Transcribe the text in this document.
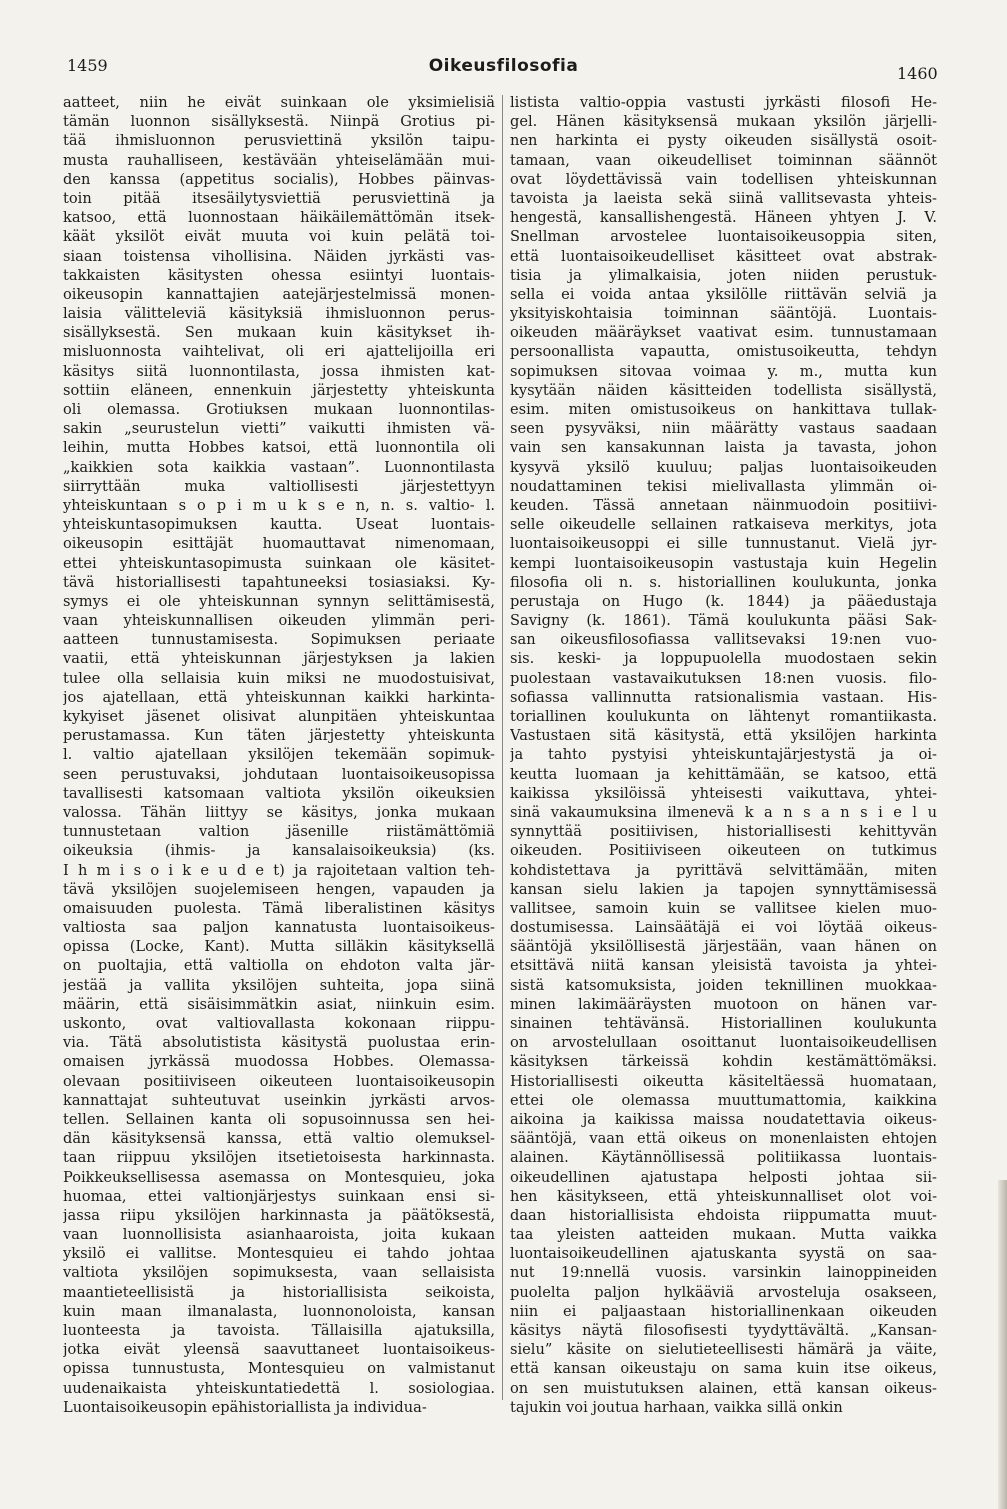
1459	Oikeusfilosofia	1460
aatteet, niin he eivät suinkaan ole yksimielisiä
tämän luonnon sisällyksestä. Niinpä Grotius pi-
tää ihmisluonnon perusviettinä yksilön taipu-
musta rauhalliseen, kestävään yhteiselämään mui-
den kanssa (appetitus socialis), Hobbes päinvas-
toin pitää itsesäilytysviettiä perusviettinä ja
katsoo, että luonnostaan häikäilemättömän itsek-
käät yksilöt eivät muuta voi kuin pelätä toi-
siaan toistensa vihollisina. Näiden jyrkästi vas-
takkaisten käsitysten ohessa esiintyi luontais-
oikeusopin kannattajien aatejärjestelmissä monen-
laisia välitteleviä käsityksiä ihmisluonnon perus-
sisällyksestä. Sen mukaan kuin käsitykset ih-
misluonnosta vaihtelivat, oli eri ajattelijoilla eri
käsitys siitä luonnontilasta, jossa ihmisten kat-
sottiin eläneen, ennenkuin järjestetty yhteiskunta
oli olemassa. Grotiuksen mukaan luonnontilas-
sakin „seurustelun vietti” vaikutti ihmisten vä-
leihin, mutta Hobbes katsoi, että luonnontila oli
„kaikkien sota kaikkia vastaan”. Luonnontilasta
siirryttään muka valtiollisesti järjestettyyn
yhteiskuntaan s o p i m u k s e n, n. s. valtio- l.
yhteiskuntasopimuksen kautta. Useat luontais-
oikeusopin esittäjät huomauttavat nimenomaan,
ettei yhteiskuntasopimusta suinkaan ole käsitet-
tävä historiallisesti tapahtuneeksi tosiasiaksi. Ky-
symys ei ole yhteiskunnan synnyn selittämisestä,
vaan yhteiskunnallisen oikeuden ylimmän peri-
aatteen tunnustamisesta. Sopimuksen periaate
vaatii, että yhteiskunnan järjestyksen ja lakien
tulee olla sellaisia kuin miksi ne muodostuisivat,
jos ajatellaan, että yhteiskunnan kaikki harkinta-
kykyiset jäsenet olisivat alunpitäen yhteiskuntaa
perustamassa. Kun täten järjestetty yhteiskunta
l. valtio ajatellaan yksilöjen tekemään sopimuk-
seen perustuvaksi, johdutaan luontaisoikeusopissa
tavallisesti katsomaan valtiota yksilön oikeuksien
valossa. Tähän liittyy se käsitys, jonka mukaan
tunnustetaan valtion jäsenille riistämättömiä
oikeuksia (ihmis- ja kansalaisoikeuksia) (ks.
I h m i s o i k e u d e t) ja rajoitetaan valtion teh-
tävä yksilöjen suojelemiseen hengen, vapauden ja
omaisuuden puolesta. Tämä liberalistinen käsitys
valtiosta saa paljon kannatusta luontaisoikeus-
opissa (Locke, Kant). Mutta silläkin käsityksellä
on puoltajia, että valtiolla on ehdoton valta jär-
jestää ja vallita yksilöjen suhteita, jopa siinä
määrin, että sisäisimmätkin asiat, niinkuin esim.
uskonto, ovat valtiovallasta kokonaan riippu-
via. Tätä absolutistista käsitystä puolustaa erin-
omaisen jyrkässä muodossa Hobbes. Olemassa-
olevaan positiiviseen oikeuteen luontaisoikeusopin
kannattajat suhteutuvat useinkin jyrkästi arvos-
tellen. Sellainen kanta oli sopusoinnussa sen hei-
dän käsityksensä kanssa, että valtio olemuksel-
taan riippuu yksilöjen itsetietoisesta harkinnasta.
Poikkeuksellisessa asemassa on Montesquieu, joka
huomaa, ettei valtionjärjestys suinkaan ensi si-
jassa riipu yksilöjen harkinnasta ja päätöksestä,
vaan luonnollisista asianhaaroista, joita kukaan
yksilö ei vallitse. Montesquieu ei tahdo johtaa
valtiota yksilöjen sopimuksesta, vaan sellaisista
maantieteellisistä ja historiallisista seikoista,
kuin maan ilmanalasta, luonnonoloista, kansan
luonteesta ja tavoista. Tällaisilla ajatuksilla,
jotka eivät yleensä saavuttaneet luontaisoikeus-
opissa tunnustusta, Montesquieu on valmistanut
uudenaikaista yhteiskuntatiedettä l. sosiologiaa.
Luontaisoikeusopin epähistoriallista ja individua-
listista valtio-oppia vastusti jyrkästi filosofi He-
gel. Hänen käsityksensä mukaan yksilön järjelli-
nen harkinta ei pysty oikeuden sisällystä osoit-
tamaan, vaan oikeudelliset toiminnan säännöt
ovat löydettävissä vain todellisen yhteiskunnan
tavoista ja laeista sekä siinä vallitsevasta yhteis-
hengestä, kansallishengestä. Häneen yhtyen J. V.
Snellman arvostelee luontaisoikeusoppia siten,
että luontaisoikeudelliset käsitteet ovat abstrak-
tisia ja ylimalkaisia, joten niiden perustuk-
sella ei voida antaa yksilölle riittävän selviä ja
yksityiskohtaisia toiminnan sääntöjä. Luontais-
oikeuden määräykset vaativat esim. tunnustamaan
persoonallista vapautta, omistusoikeutta, tehdyn
sopimuksen sitovaa voimaa y. m., mutta kun
kysytään näiden käsitteiden todellista sisällystä,
esim. miten omistusoikeus on hankittava tullak-
seen pysyväksi, niin määrätty vastaus saadaan
vain sen kansakunnan laista ja tavasta, johon
kysyvä yksilö kuuluu; paljas luontaisoikeuden
noudattaminen tekisi mielivallasta ylimmän oi-
keuden. Tässä annetaan näinmuodoin positiivi-
selle oikeudelle sellainen ratkaiseva merkitys, jota
luontaisoikeusoppi ei sille tunnustanut. Vielä jyr-
kempi luontaisoikeusopin vastustaja kuin Hegelin
filosofia oli n. s. historiallinen koulukunta, jonka
perustaja on Hugo (k. 1844) ja pääedustaja
Savigny (k. 1861). Tämä koulukunta pääsi Sak-
san oikeusfilosofiassa vallitsevaksi 19:nen vuo-
sis. keski- ja loppupuolella muodostaen sekin
puolestaan vastavaikutuksen 18:nen vuosis. filo-
sofiassa vallinnutta ratsionalismia vastaan. His-
toriallinen koulukunta on lähtenyt romantiikasta.
Vastustaen sitä käsitystä, että yksilöjen harkinta
ja tahto pystyisi yhteiskuntajärjestystä ja oi-
keutta luomaan ja kehittämään, se katsoo, että
kaikissa yksilöissä yhteisesti vaikuttava, yhtei-
sinä vakaumuksina ilmenevä k a n s a n s i e l u
synnyttää positiivisen, historiallisesti kehittyvän
oikeuden. Positiiviseen oikeuteen on tutkimus
kohdistettava ja pyrittävä selvittämään, miten
kansan sielu lakien ja tapojen synnyttämisessä
vallitsee, samoin kuin se vallitsee kielen muo-
dostumisessa. Lainsäätäjä ei voi löytää oikeus-
sääntöjä yksilöllisestä järjestään, vaan hänen on
etsittävä niitä kansan yleisistä tavoista ja yhtei-
sistä katsomuksista, joiden teknillinen muokkaa-
minen lakimääräysten muotoon on hänen var-
sinainen tehtävänsä. Historiallinen koulukunta
on arvostelullaan osoittanut luontaisoikeudellisen
käsityksen tärkeissä kohdin kestämättömäksi.
Historiallisesti oikeutta käsiteltäessä huomataan,
ettei ole olemassa muuttumattomia, kaikkina
aikoina ja kaikissa maissa noudatettavia oikeus-
sääntöjä, vaan että oikeus on monenlaisten ehtojen
alainen. Käytännöllisessä politiikassa luontais-
oikeudellinen ajatustapa helposti johtaa sii-
hen käsitykseen, että yhteiskunnalliset olot voi-
daan historiallisista ehdoista riippumatta muut-
taa yleisten aatteiden mukaan. Mutta vaikka
luontaisoikeudellinen ajatuskanta syystä on saa-
nut 19:nnellä vuosis. varsinkin lainoppineiden
puolelta paljon hylkääviä arvosteluja osakseen,
niin ei paljaastaan historiallinenkaan oikeuden
käsitys näytä filosofisesti tyydyttävältä. „Kansan-
sielu” käsite on sielutieteellisesti hämärä ja väite,
että kansan oikeustaju on sama kuin itse oikeus,
on sen muistutuksen alainen, että kansan oikeus-
tajukin voi joutua harhaan, vaikka sillä onkin
